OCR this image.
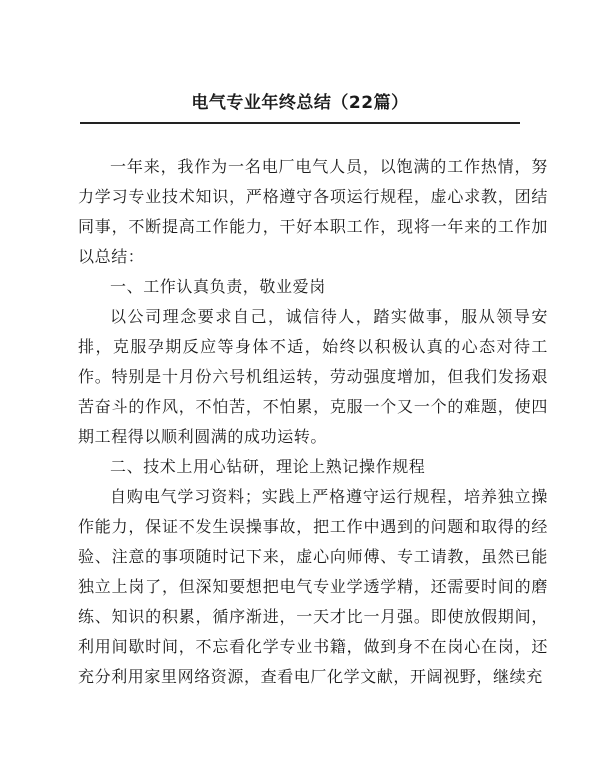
电气专业年终总结（22篇）

一年来，我作为一名电厂电气人员，以饱满的工作热情，努力学习专业技术知识，严格遵守各项运行规程，虚心求教，团结同事，不断提高工作能力，干好本职工作，现将一年来的工作加以总结：

一、工作认真负责，敬业爱岗

以公司理念要求自己，诚信待人，踏实做事，服从领导安排，克服孕期反应等身体不适，始终以积极认真的心态对待工作。特别是十月份六号机组运转，劳动强度增加，但我们发扬艰苦奋斗的作风，不怕苦，不怕累，克服一个又一个的难题，使四期工程得以顺利圆满的成功运转。

二、技术上用心钻研，理论上熟记操作规程

自购电气学习资料；实践上严格遵守运行规程，培养独立操作能力，保证不发生误操事故，把工作中遇到的问题和取得的经验、注意的事项随时记下来，虚心向师傅、专工请教，虽然已能独立上岗了，但深知要想把电气专业学透学精，还需要时间的磨练、知识的积累，循序渐进，一天才比一月强。即使放假期间，利用间歇时间，不忘看化学专业书籍，做到身不在岗心在岗，还充分利用家里网络资源，查看电厂化学文献，开阔视野，继续充
